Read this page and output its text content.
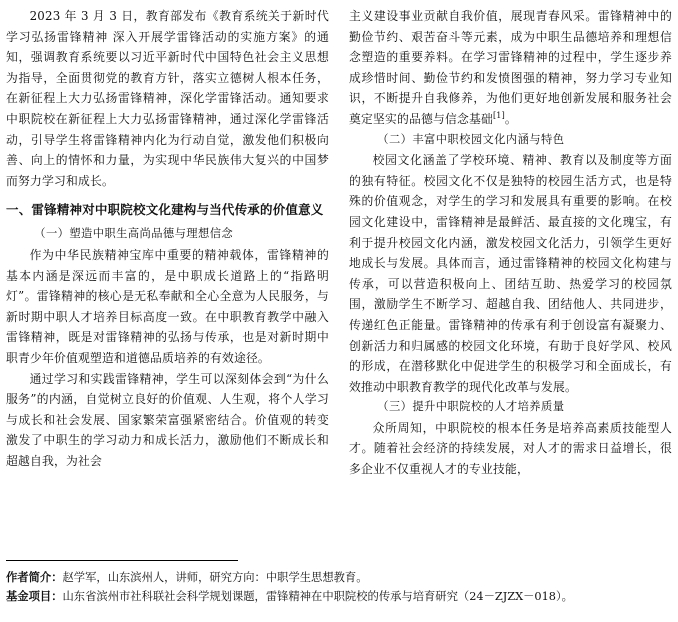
2023 年 3 月 3 日，教育部发布《教育系统关于新时代学习弘扬雷锋精神 深入开展学雷锋活动的实施方案》的通知，强调教育系统要以习近平新时代中国特色社会主义思想为指导，全面贯彻党的教育方针，落实立德树人根本任务，在新征程上大力弘扬雷锋精神，深化学雷锋活动。通知要求中职院校在新征程上大力弘扬雷锋精神，通过深化学雷锋活动，引导学生将雷锋精神内化为行动自觉，激发他们积极向善、向上的情怀和力量，为实现中华民族伟大复兴的中国梦而努力学习和成长。

一、雷锋精神对中职院校文化建构与当代传承的价值意义
（一）塑造中职生高尚品德与理想信念

作为中华民族精神宝库中重要的精神载体，雷锋精神的基本内涵是深远而丰富的，是中职成长道路上的“指路明灯”。雷锋精神的核心是无私奉献和全心全意为人民服务，与新时期中职人才培养目标高度一致。在中职教育教学中融入雷锋精神，既是对雷锋精神的弘扬与传承，也是对新时期中职青少年价值观塑造和道德品质培养的有效途径。

通过学习和实践雷锋精神，学生可以深刻体会到“为什么服务”的内涵，自觉树立良好的价值观、人生观，将个人学习与成长和社会发展、国家繁荣富强紧密结合。价值观的转变激发了中职生的学习动力和成长活力，激励他们不断成长和超越自我，为社会

主义建设事业贡献自我价值，展现青春风采。雷锋精神中的勤俭节约、艰苦奋斗等元素，成为中职生品德培养和理想信念塑造的重要养料。在学习雷锋精神的过程中，学生逐步养成珍惜时间、勤俭节约和发愤图强的精神，努力学习专业知识，不断提升自我修养，为他们更好地创新发展和服务社会奠定坚实的品德与信念基础[1]。

（二）丰富中职校园文化内涵与特色

校园文化涵盖了学校环境、精神、教育以及制度等方面的独有特征。校园文化不仅是独特的校园生活方式，也是特殊的价值观念，对学生的学习和发展具有重要的影响。在校园文化建设中，雷锋精神是最鲜活、最直接的文化瑰宝，有利于提升校园文化内涵，激发校园文化活力，引领学生更好地成长与发展。具体而言，通过雷锋精神的校园文化构建与传承，可以营造积极向上、团结互助、热爱学习的校园氛围，激励学生不断学习、超越自我、团结他人、共同进步，传递红色正能量。雷锋精神的传承有利于创设富有凝聚力、创新活力和归属感的校园文化环境，有助于良好学风、校风的形成，在潜移默化中促进学生的积极学习和全面成长，有效推动中职教育教学的现代化改革与发展。

（三）提升中职院校的人才培养质量

众所周知，中职院校的根本任务是培养高素质技能型人才。随着社会经济的持续发展，对人才的需求日益增长，很多企业不仅重视人才的专业技能，

作者简介：赵学军，山东滨州人，讲师，研究方向：中职学生思想教育。
基金项目：山东省滨州市社科联社会科学规划课题，雷锋精神在中职院校的传承与培育研究（24－ZJZX－018）。
